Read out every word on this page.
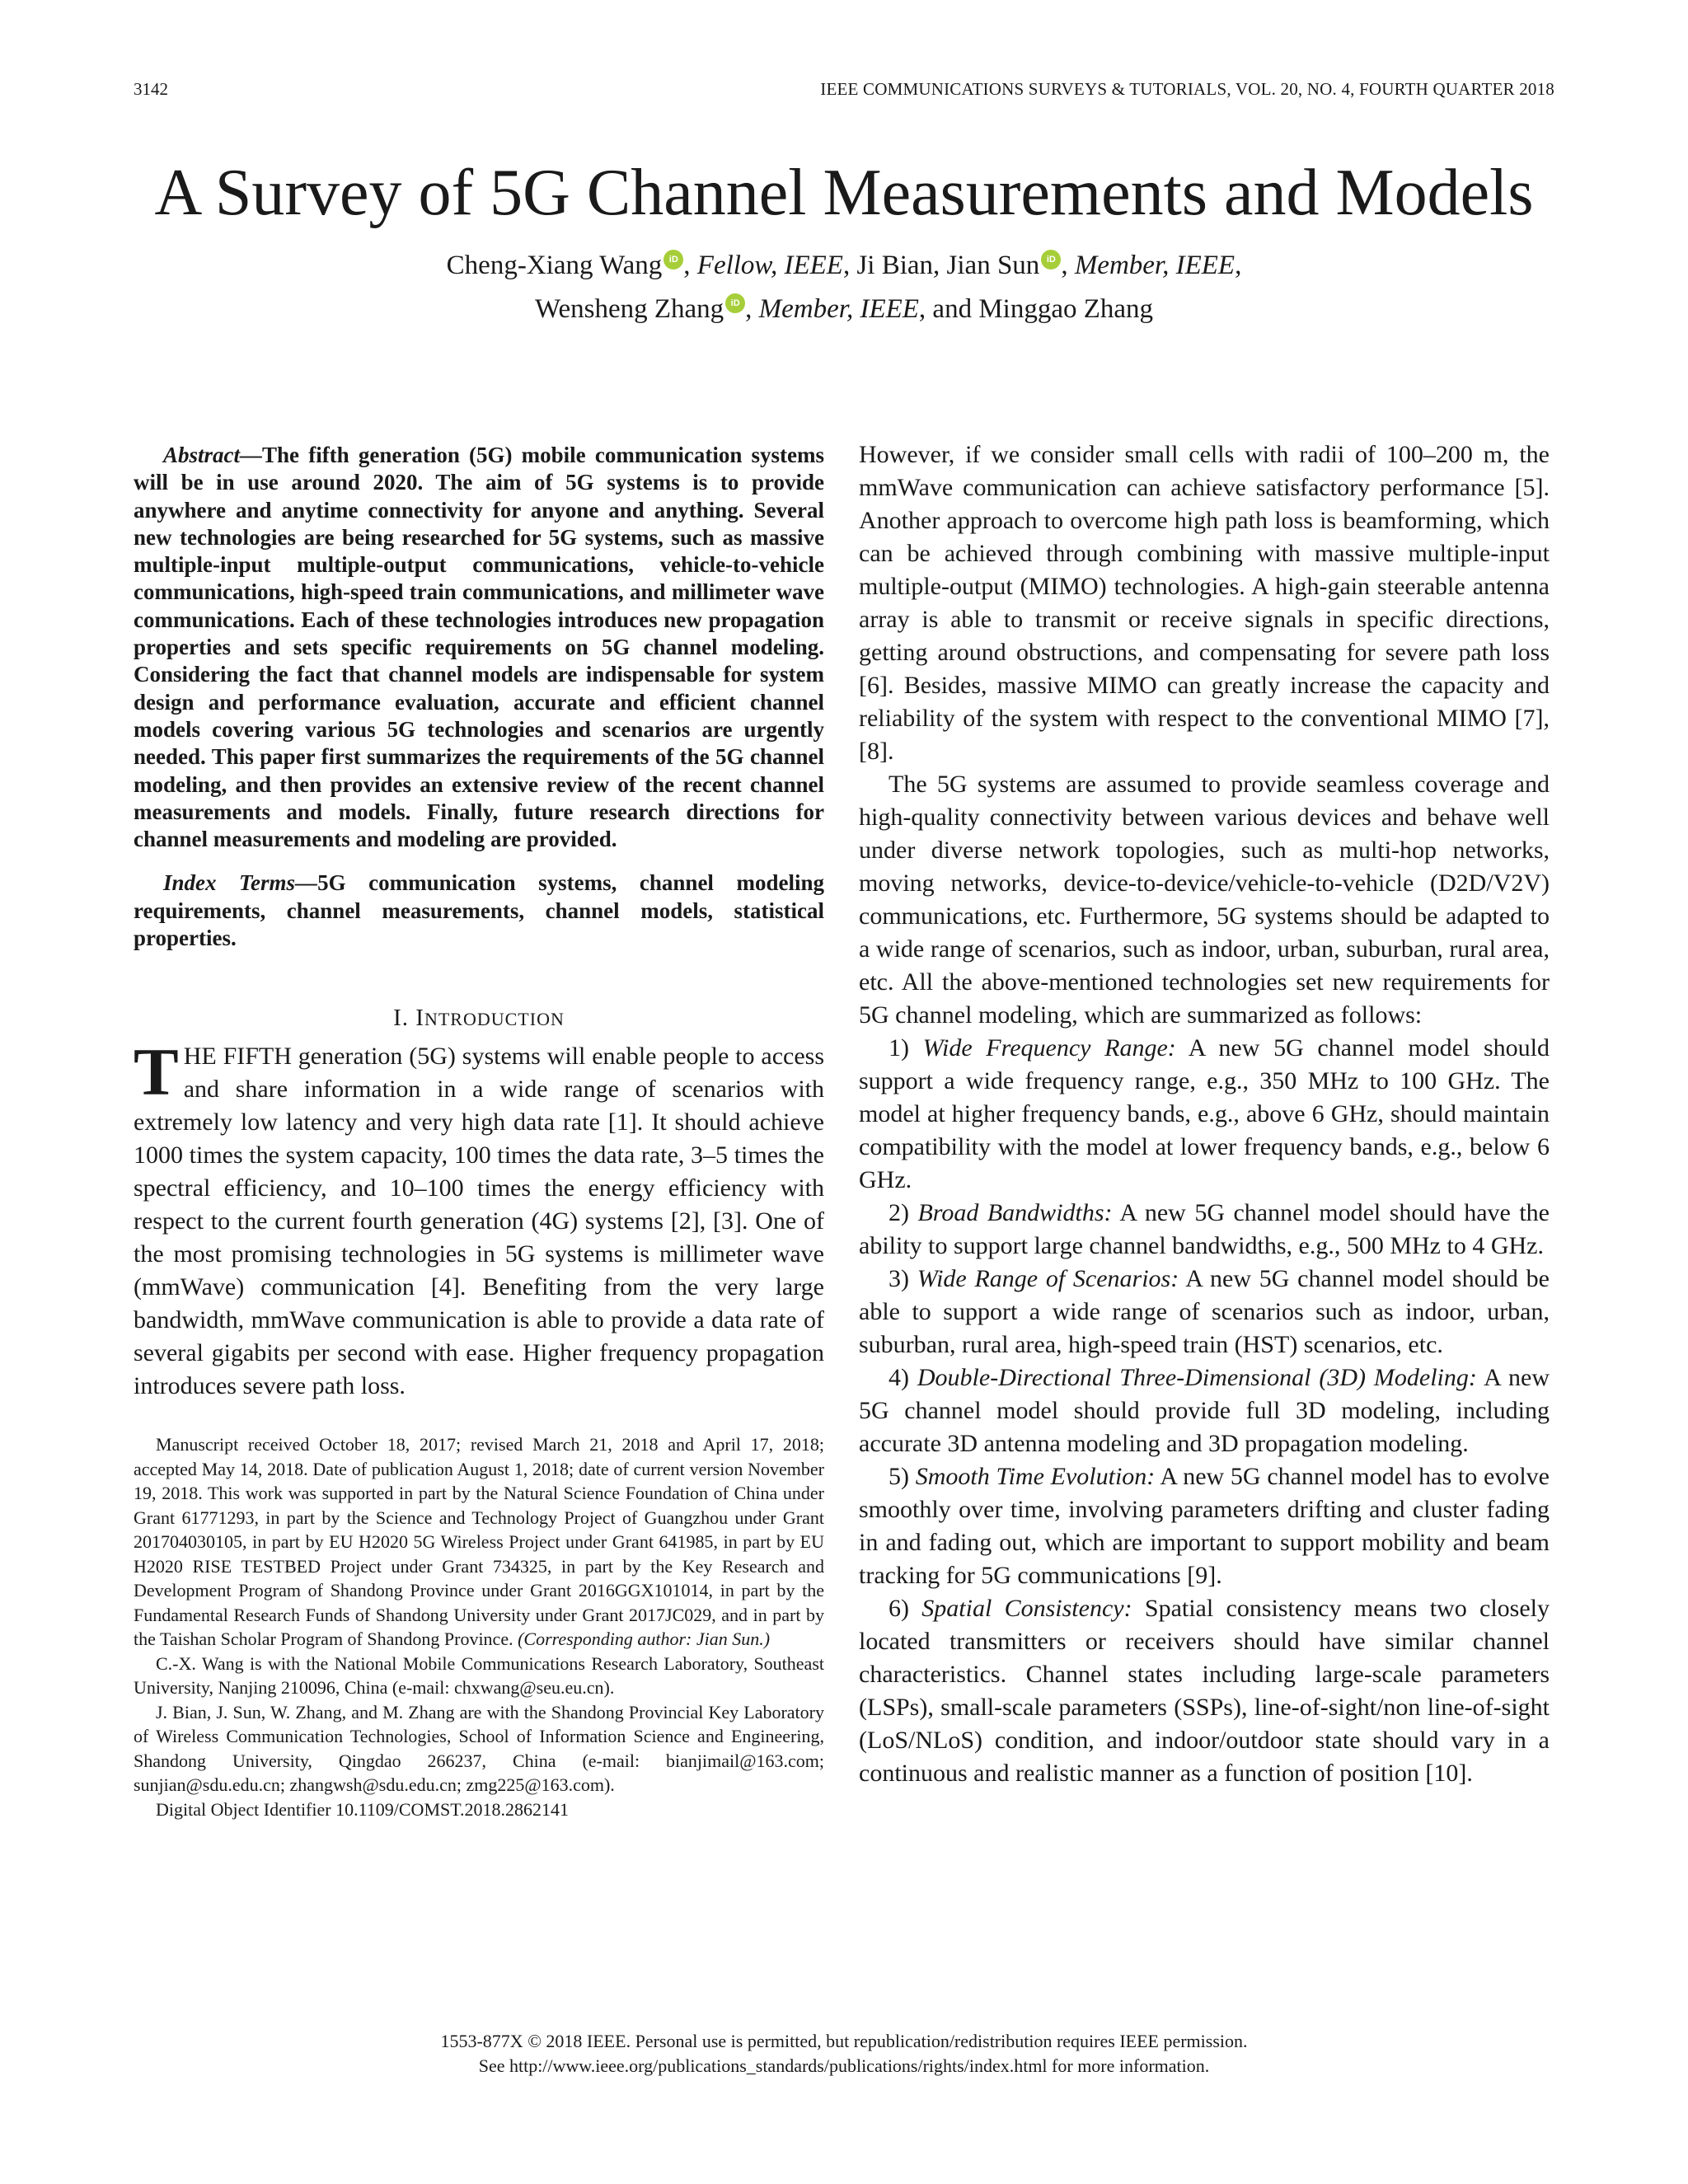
3142	IEEE COMMUNICATIONS SURVEYS & TUTORIALS, VOL. 20, NO. 4, FOURTH QUARTER 2018
A Survey of 5G Channel Measurements and Models
Cheng-Xiang Wang iD , Fellow, IEEE, Ji Bian, Jian Sun iD , Member, IEEE,
Wensheng Zhang iD , Member, IEEE, and Minggao Zhang

Abstract—The fifth generation (5G) mobile communication systems will be in use around 2020. The aim of 5G systems is to provide anywhere and anytime connectivity for anyone and anything. Several new technologies are being researched for 5G systems, such as massive multiple-input multiple-output communications, vehicle-to-vehicle communications, high-speed train communications, and millimeter wave communications. Each of these technologies introduces new propagation properties and sets specific requirements on 5G channel modeling. Considering the fact that channel models are indispensable for system design and performance evaluation, accurate and efficient channel models covering various 5G technologies and scenarios are urgently needed. This paper first summarizes the requirements of the 5G channel modeling, and then provides an extensive review of the recent channel measurements and models. Finally, future research directions for channel measurements and modeling are provided.

Index Terms—5G communication systems, channel modeling requirements, channel measurements, channel models, statistical properties.

I. INTRODUCTION

THE FIFTH generation (5G) systems will enable people to access and share information in a wide range of scenarios with extremely low latency and very high data rate [1]. It should achieve 1000 times the system capacity, 100 times the data rate, 3–5 times the spectral efficiency, and 10–100 times the energy efficiency with respect to the current fourth generation (4G) systems [2], [3]. One of the most promising technologies in 5G systems is millimeter wave (mmWave) communication [4]. Benefiting from the very large bandwidth, mmWave communication is able to provide a data rate of several gigabits per second with ease. Higher frequency propagation introduces severe path loss.

Manuscript received October 18, 2017; revised March 21, 2018 and April 17, 2018; accepted May 14, 2018. Date of publication August 1, 2018; date of current version November 19, 2018. This work was supported in part by the Natural Science Foundation of China under Grant 61771293, in part by the Science and Technology Project of Guangzhou under Grant 201704030105, in part by EU H2020 5G Wireless Project under Grant 641985, in part by EU H2020 RISE TESTBED Project under Grant 734325, in part by the Key Research and Development Program of Shandong Province under Grant 2016GGX101014, in part by the Fundamental Research Funds of Shandong University under Grant 2017JC029, and in part by the Taishan Scholar Program of Shandong Province. (Corresponding author: Jian Sun.)

C.-X. Wang is with the National Mobile Communications Research Laboratory, Southeast University, Nanjing 210096, China (e-mail: chxwang@seu.eu.cn).

J. Bian, J. Sun, W. Zhang, and M. Zhang are with the Shandong Provincial Key Laboratory of Wireless Communication Technologies, School of Information Science and Engineering, Shandong University, Qingdao 266237, China (e-mail: bianjimail@163.com; sunjian@sdu.edu.cn; zhangwsh@sdu.edu.cn; zmg225@163.com).

Digital Object Identifier 10.1109/COMST.2018.2862141

However, if we consider small cells with radii of 100–200 m, the mmWave communication can achieve satisfactory performance [5]. Another approach to overcome high path loss is beamforming, which can be achieved through combining with massive multiple-input multiple-output (MIMO) technologies. A high-gain steerable antenna array is able to transmit or receive signals in specific directions, getting around obstructions, and compensating for severe path loss [6]. Besides, massive MIMO can greatly increase the capacity and reliability of the system with respect to the conventional MIMO [7], [8].

The 5G systems are assumed to provide seamless coverage and high-quality connectivity between various devices and behave well under diverse network topologies, such as multi-hop networks, moving networks, device-to-device/vehicle-to-vehicle (D2D/V2V) communications, etc. Furthermore, 5G systems should be adapted to a wide range of scenarios, such as indoor, urban, suburban, rural area, etc. All the above-mentioned technologies set new requirements for 5G channel modeling, which are summarized as follows:

1) Wide Frequency Range: A new 5G channel model should support a wide frequency range, e.g., 350 MHz to 100 GHz. The model at higher frequency bands, e.g., above 6 GHz, should maintain compatibility with the model at lower frequency bands, e.g., below 6 GHz.

2) Broad Bandwidths: A new 5G channel model should have the ability to support large channel bandwidths, e.g., 500 MHz to 4 GHz.

3) Wide Range of Scenarios: A new 5G channel model should be able to support a wide range of scenarios such as indoor, urban, suburban, rural area, high-speed train (HST) scenarios, etc.

4) Double-Directional Three-Dimensional (3D) Modeling: A new 5G channel model should provide full 3D modeling, including accurate 3D antenna modeling and 3D propagation modeling.

5) Smooth Time Evolution: A new 5G channel model has to evolve smoothly over time, involving parameters drifting and cluster fading in and fading out, which are important to support mobility and beam tracking for 5G communications [9].

6) Spatial Consistency: Spatial consistency means two closely located transmitters or receivers should have similar channel characteristics. Channel states including large-scale parameters (LSPs), small-scale parameters (SSPs), line-of-sight/non line-of-sight (LoS/NLoS) condition, and indoor/outdoor state should vary in a continuous and realistic manner as a function of position [10].

1553-877X © 2018 IEEE. Personal use is permitted, but republication/redistribution requires IEEE permission.
See http://www.ieee.org/publications_standards/publications/rights/index.html for more information.
